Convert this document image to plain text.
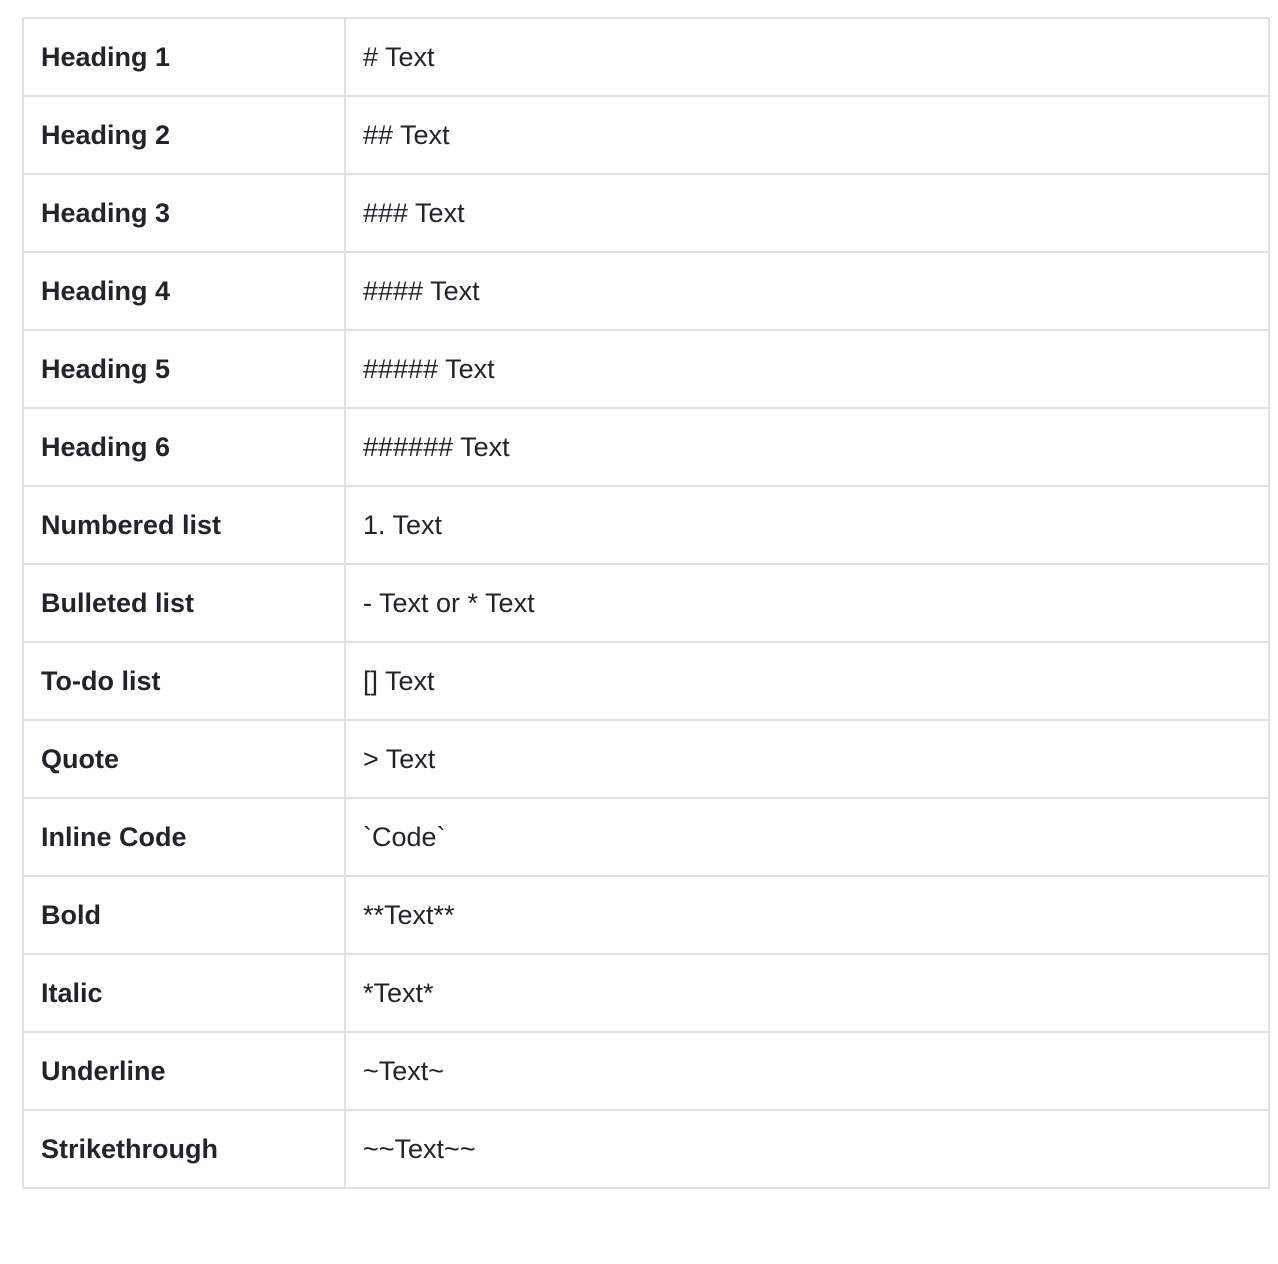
Heading 1	# Text
Heading 2	## Text
Heading 3	### Text
Heading 4	#### Text
Heading 5	##### Text
Heading 6	###### Text
Numbered list	1. Text
Bulleted list	- Text or * Text
To-do list	[] Text
Quote	> Text
Inline Code	`Code`
Bold	**Text**
Italic	*Text*
Underline	~Text~
Strikethrough	~~Text~~
